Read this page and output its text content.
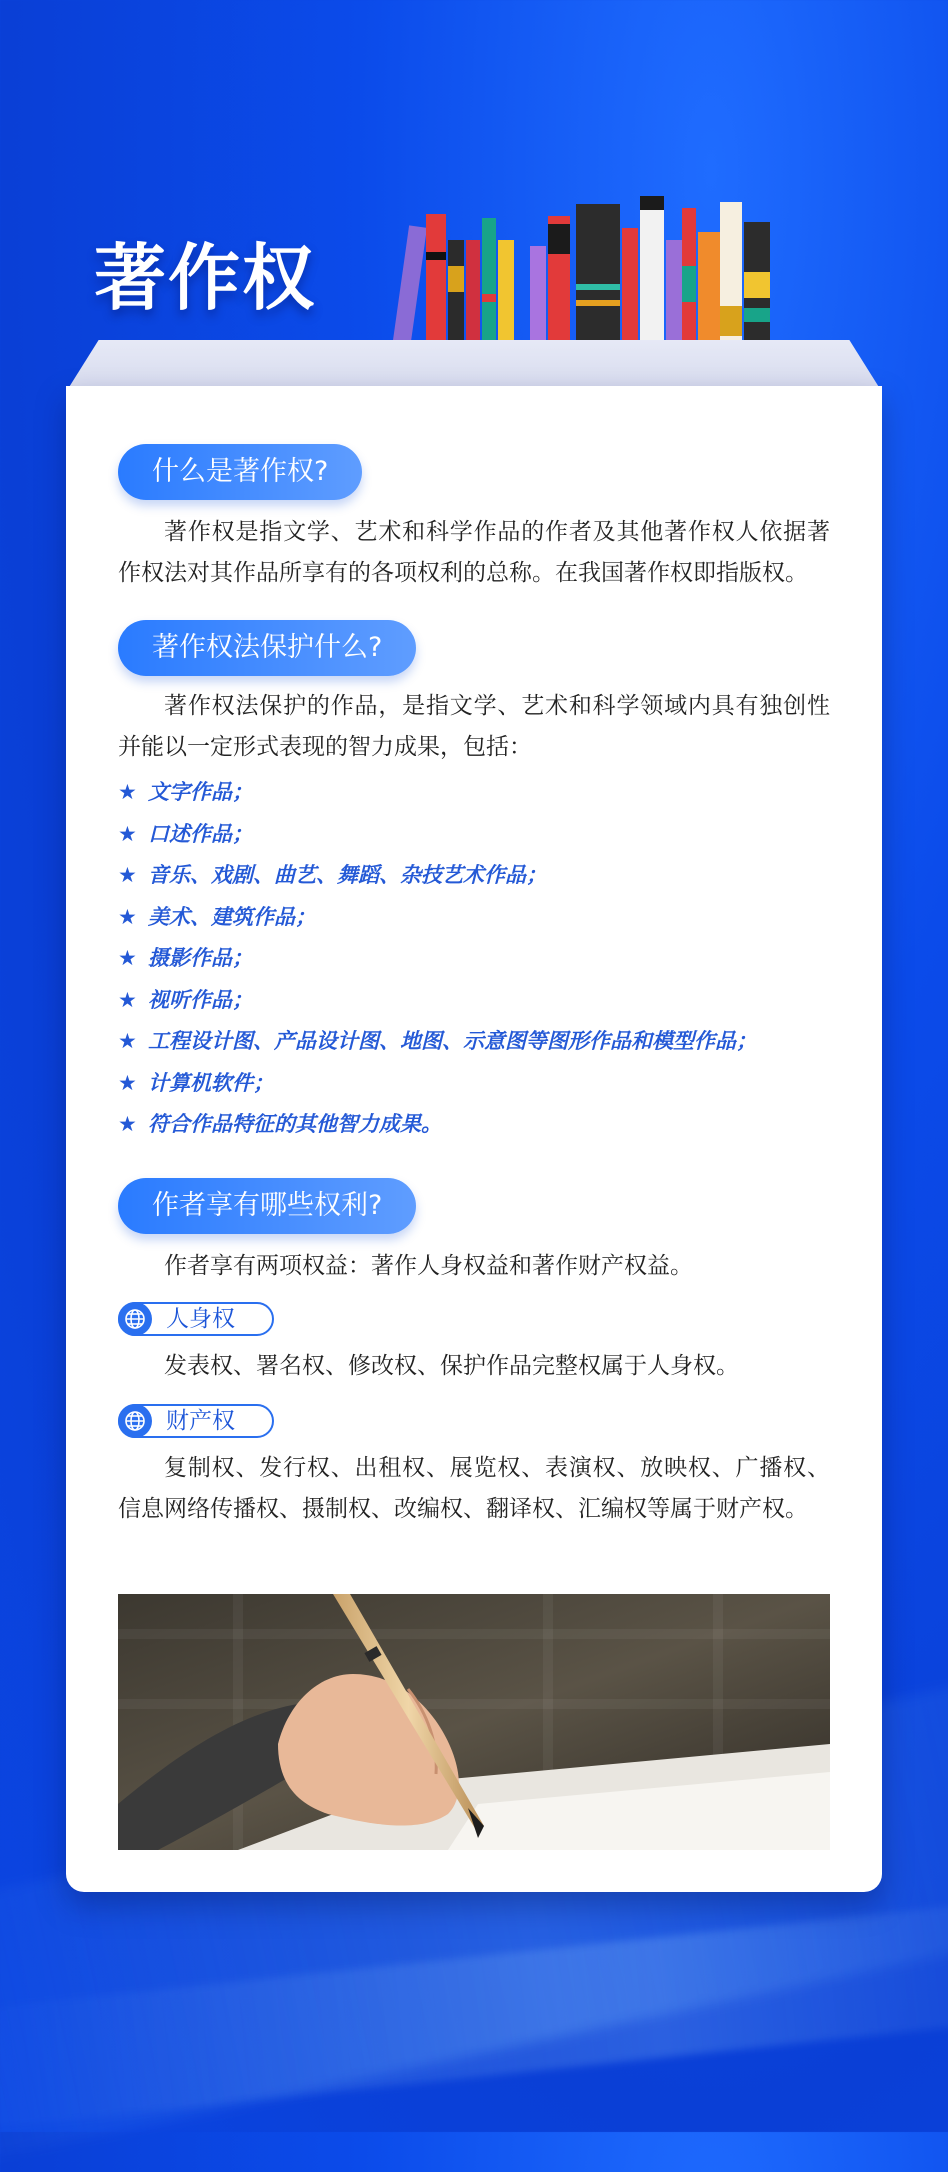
著作权
什么是著作权?

著作权是指文学、艺术和科学作品的作者及其他著作权人依据著作权法对其作品所享有的各项权利的总称。在我国著作权即指版权。

著作权法保护什么?

著作权法保护的作品，是指文学、艺术和科学领域内具有独创性并能以一定形式表现的智力成果，包括：

★ 文字作品；
★ 口述作品；
★ 音乐、戏剧、曲艺、舞蹈、杂技艺术作品；
★ 美术、建筑作品；
★ 摄影作品；
★ 视听作品；
★ 工程设计图、产品设计图、地图、示意图等图形作品和模型作品；
★ 计算机软件；
★ 符合作品特征的其他智力成果。
作者享有哪些权利?

作者享有两项权益：著作人身权益和著作财产权益。

人身权

发表权、署名权、修改权、保护作品完整权属于人身权。

财产权

复制权、发行权、出租权、展览权、表演权、放映权、广播权、信息网络传播权、摄制权、改编权、翻译权、汇编权等属于财产权。
